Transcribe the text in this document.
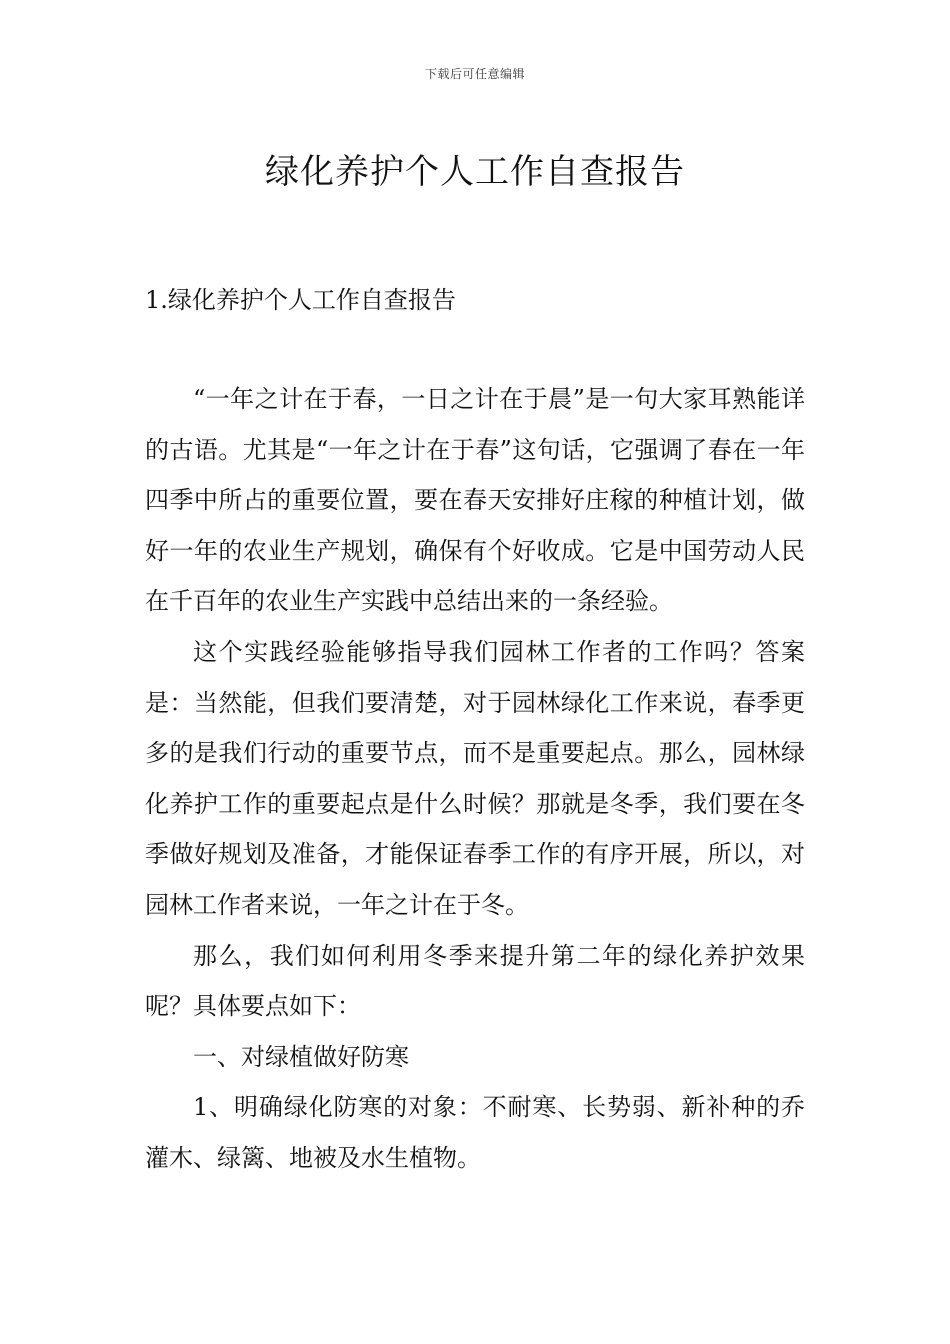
下载后可任意编辑
绿化养护个人工作自查报告
1.绿化养护个人工作自查报告

“一年之计在于春，一日之计在于晨”是一句大家耳熟能详的古语。尤其是“一年之计在于春”这句话，它强调了春在一年四季中所占的重要位置，要在春天安排好庄稼的种植计划，做好一年的农业生产规划，确保有个好收成。它是中国劳动人民在千百年的农业生产实践中总结出来的一条经验。

这个实践经验能够指导我们园林工作者的工作吗？答案是：当然能，但我们要清楚，对于园林绿化工作来说，春季更多的是我们行动的重要节点，而不是重要起点。那么，园林绿化养护工作的重要起点是什么时候？那就是冬季，我们要在冬季做好规划及准备，才能保证春季工作的有序开展，所以，对园林工作者来说，一年之计在于冬。

那么，我们如何利用冬季来提升第二年的绿化养护效果呢？具体要点如下：

一、对绿植做好防寒

1、明确绿化防寒的对象：不耐寒、长势弱、新补种的乔灌木、绿篱、地被及水生植物。
